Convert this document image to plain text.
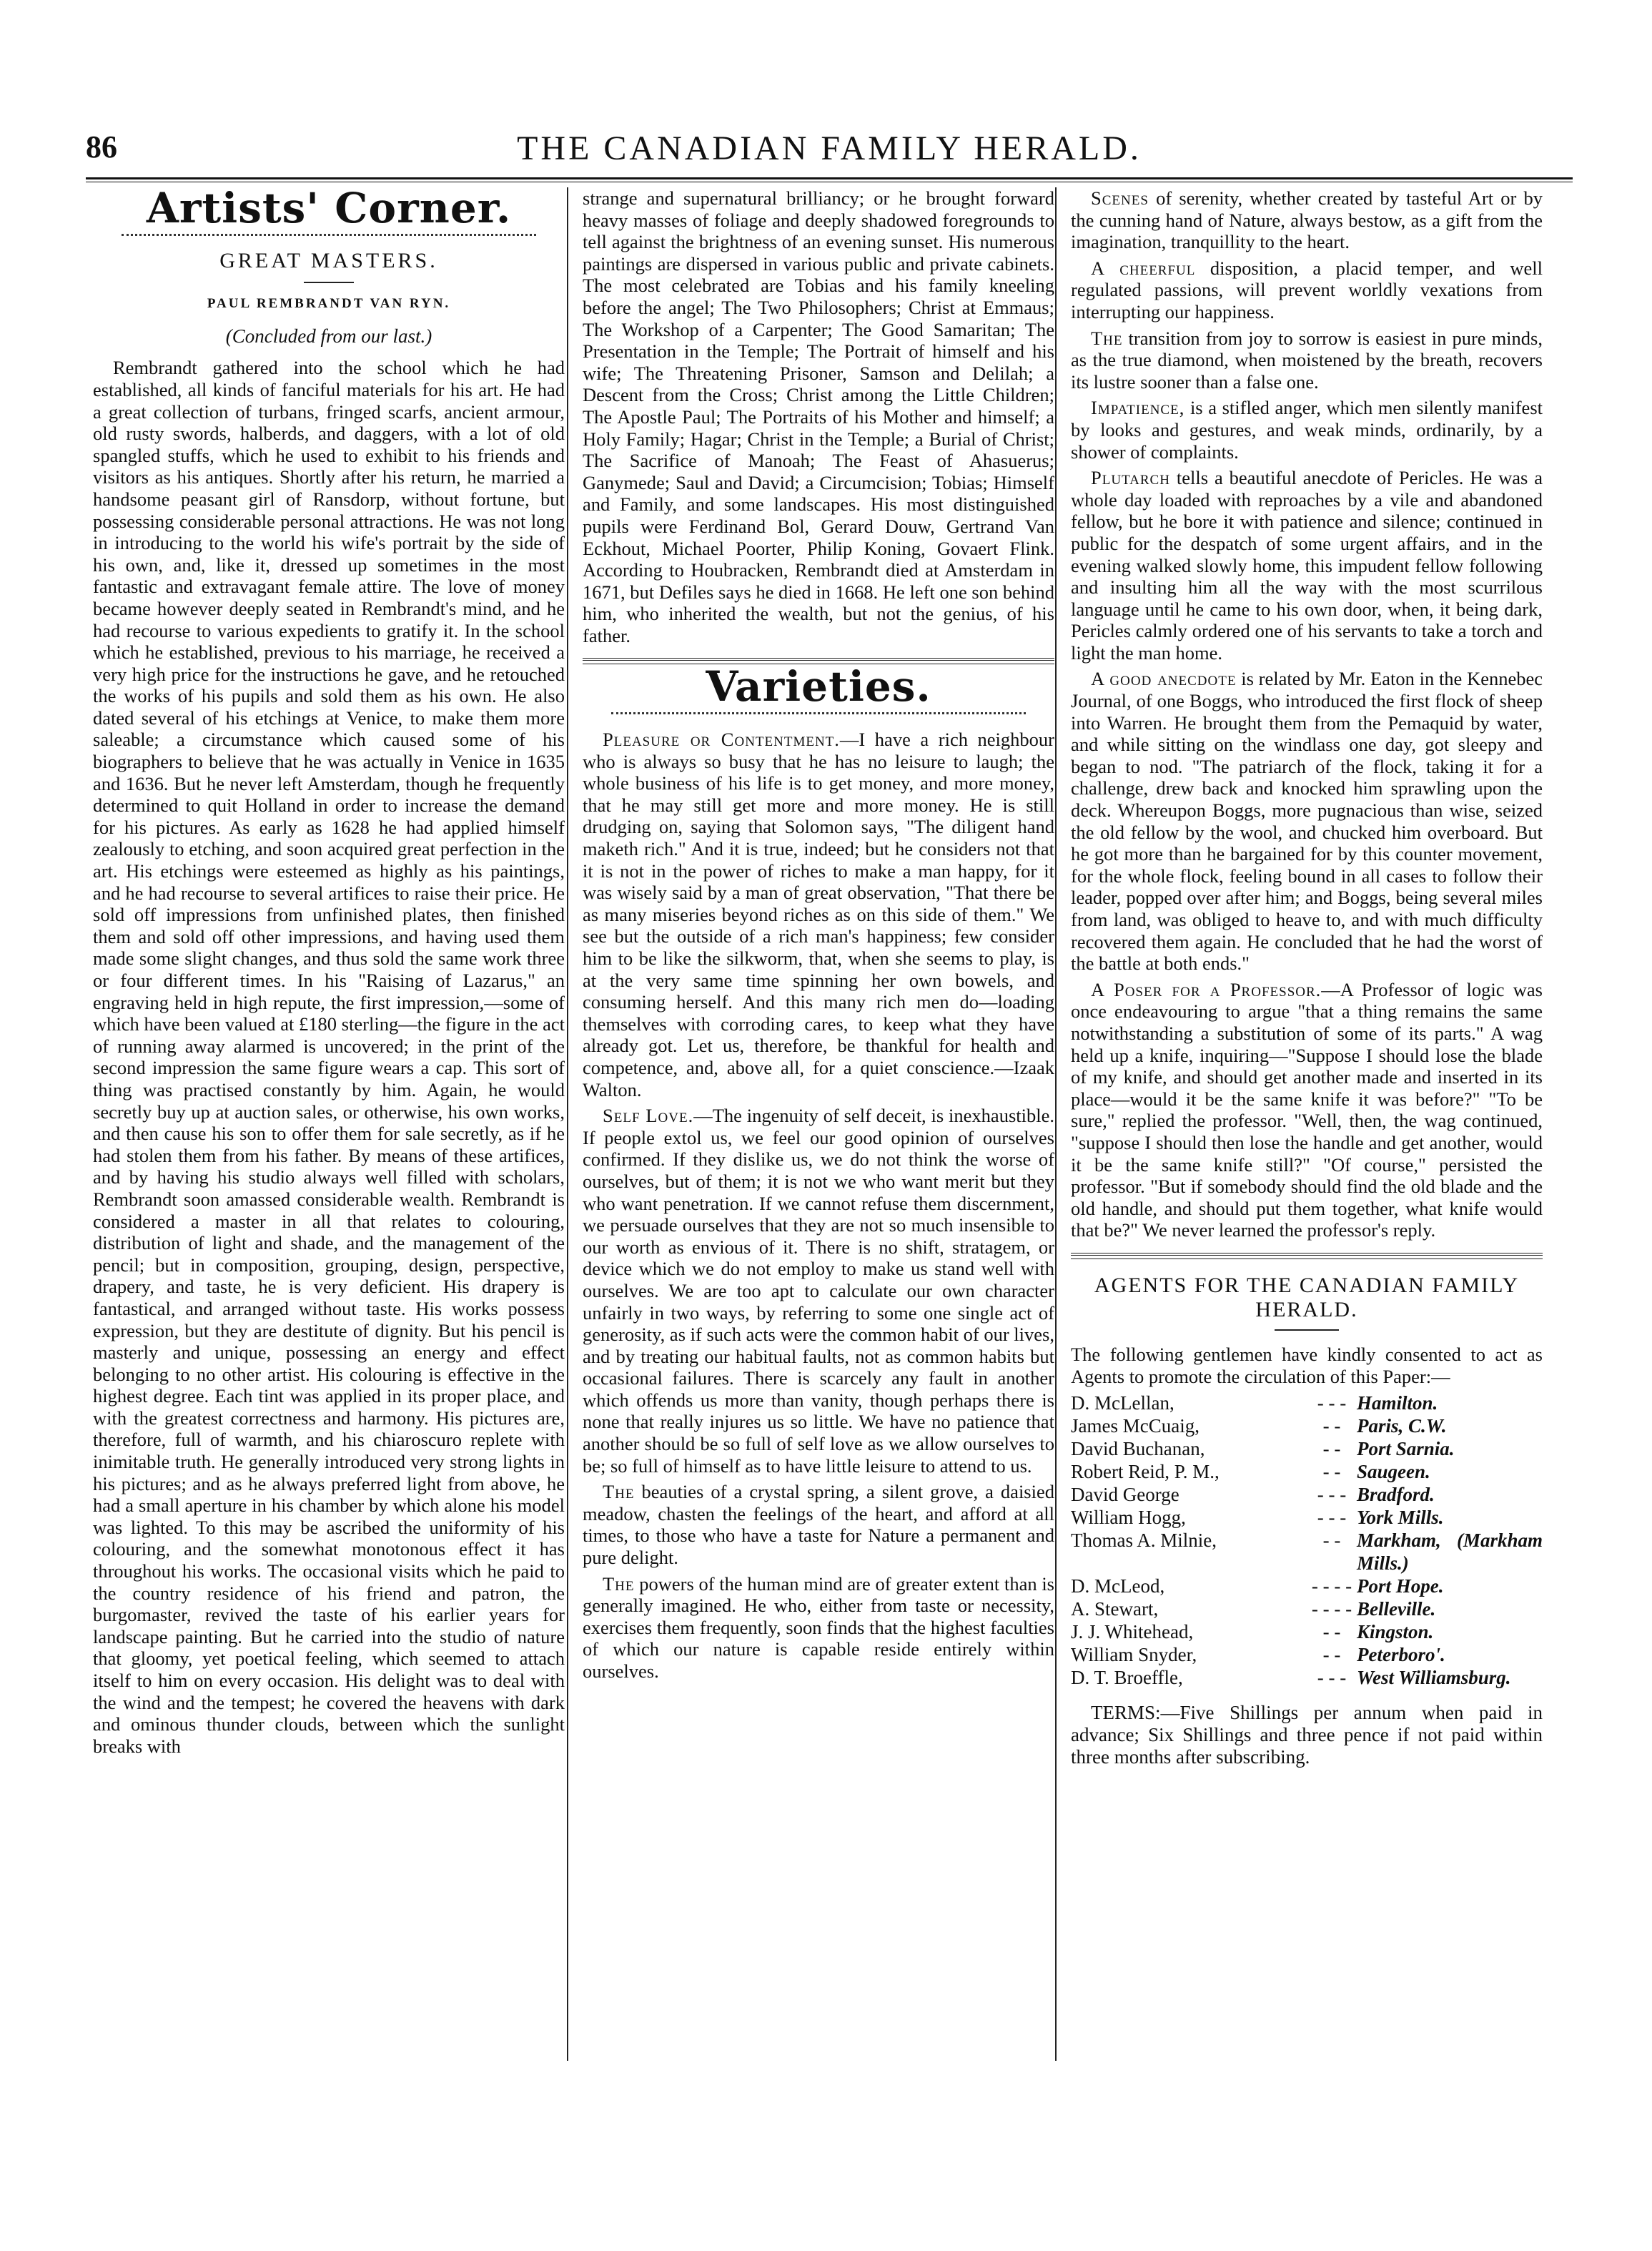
86	THE CANADIAN FAMILY HERALD.
Artists' Corner.
GREAT MASTERS.
PAUL REMBRANDT VAN RYN.
(Concluded from our last.)

Rembrandt gathered into the school which he had established, all kinds of fanciful materials for his art. He had a great collection of turbans, fringed scarfs, ancient armour, old rusty swords, halberds, and daggers, with a lot of old spangled stuffs, which he used to exhibit to his friends and visitors as his antiques. Shortly after his return, he married a handsome peasant girl of Ransdorp, without fortune, but possessing considerable personal attractions. He was not long in introducing to the world his wife's portrait by the side of his own, and, like it, dressed up sometimes in the most fantastic and extravagant female attire. The love of money became however deeply seated in Rembrandt's mind, and he had recourse to various expedients to gratify it. In the school which he established, previous to his marriage, he received a very high price for the instructions he gave, and he retouched the works of his pupils and sold them as his own. He also dated several of his etchings at Venice, to make them more saleable; a circumstance which caused some of his biographers to believe that he was actually in Venice in 1635 and 1636. But he never left Amsterdam, though he frequently determined to quit Holland in order to increase the demand for his pictures. As early as 1628 he had applied himself zealously to etching, and soon acquired great perfection in the art. His etchings were esteemed as highly as his paintings, and he had recourse to several artifices to raise their price. He sold off impressions from unfinished plates, then finished them and sold off other impressions, and having used them made some slight changes, and thus sold the same work three or four different times. In his "Raising of Lazarus," an engraving held in high repute, the first impression,—some of which have been valued at £180 sterling—the figure in the act of running away alarmed is uncovered; in the print of the second impression the same figure wears a cap. This sort of thing was practised constantly by him. Again, he would secretly buy up at auction sales, or otherwise, his own works, and then cause his son to offer them for sale secretly, as if he had stolen them from his father. By means of these artifices, and by having his studio always well filled with scholars, Rembrandt soon amassed considerable wealth. Rembrandt is considered a master in all that relates to colouring, distribution of light and shade, and the management of the pencil; but in composition, grouping, design, perspective, drapery, and taste, he is very deficient. His drapery is fantastical, and arranged without taste. His works possess expression, but they are destitute of dignity. But his pencil is masterly and unique, possessing an energy and effect belonging to no other artist. His colouring is effective in the highest degree. Each tint was applied in its proper place, and with the greatest correctness and harmony. His pictures are, therefore, full of warmth, and his chiaroscuro replete with inimitable truth. He generally introduced very strong lights in his pictures; and as he always preferred light from above, he had a small aperture in his chamber by which alone his model was lighted. To this may be ascribed the uniformity of his colouring, and the somewhat monotonous effect it has throughout his works. The occasional visits which he paid to the country residence of his friend and patron, the burgomaster, revived the taste of his earlier years for landscape painting. But he carried into the studio of nature that gloomy, yet poetical feeling, which seemed to attach itself to him on every occasion. His delight was to deal with the wind and the tempest; he covered the heavens with dark and ominous thunder clouds, between which the sunlight breaks with

strange and supernatural brilliancy; or he brought forward heavy masses of foliage and deeply shadowed foregrounds to tell against the brightness of an evening sunset. His numerous paintings are dispersed in various public and private cabinets. The most celebrated are Tobias and his family kneeling before the angel; The Two Philosophers; Christ at Emmaus; The Workshop of a Carpenter; The Good Samaritan; The Presentation in the Temple; The Portrait of himself and his wife; The Threatening Prisoner, Samson and Delilah; a Descent from the Cross; Christ among the Little Children; The Apostle Paul; The Portraits of his Mother and himself; a Holy Family; Hagar; Christ in the Temple; a Burial of Christ; The Sacrifice of Manoah; The Feast of Ahasuerus; Ganymede; Saul and David; a Circumcision; Tobias; Himself and Family, and some landscapes. His most distinguished pupils were Ferdinand Bol, Gerard Douw, Gertrand Van Eckhout, Michael Poorter, Philip Koning, Govaert Flink. According to Houbracken, Rembrandt died at Amsterdam in 1671, but Defiles says he died in 1668. He left one son behind him, who inherited the wealth, but not the genius, of his father.

Varieties.

Pleasure or Contentment.—I have a rich neighbour who is always so busy that he has no leisure to laugh; the whole business of his life is to get money, and more money, that he may still get more and more money. He is still drudging on, saying that Solomon says, "The diligent hand maketh rich." And it is true, indeed; but he considers not that it is not in the power of riches to make a man happy, for it was wisely said by a man of great observation, "That there be as many miseries beyond riches as on this side of them." We see but the outside of a rich man's happiness; few consider him to be like the silkworm, that, when she seems to play, is at the very same time spinning her own bowels, and consuming herself. And this many rich men do—loading themselves with corroding cares, to keep what they have already got. Let us, therefore, be thankful for health and competence, and, above all, for a quiet conscience.—Izaak Walton.

Self Love.—The ingenuity of self deceit, is inexhaustible. If people extol us, we feel our good opinion of ourselves confirmed. If they dislike us, we do not think the worse of ourselves, but of them; it is not we who want merit but they who want penetration. If we cannot refuse them discernment, we persuade ourselves that they are not so much insensible to our worth as envious of it. There is no shift, stratagem, or device which we do not employ to make us stand well with ourselves. We are too apt to calculate our own character unfairly in two ways, by referring to some one single act of generosity, as if such acts were the common habit of our lives, and by treating our habitual faults, not as common habits but occasional failures. There is scarcely any fault in another which offends us more than vanity, though perhaps there is none that really injures us so little. We have no patience that another should be so full of self love as we allow ourselves to be; so full of himself as to have little leisure to attend to us.

The beauties of a crystal spring, a silent grove, a daisied meadow, chasten the feelings of the heart, and afford at all times, to those who have a taste for Nature a permanent and pure delight.

The powers of the human mind are of greater extent than is generally imagined. He who, either from taste or necessity, exercises them frequently, soon finds that the highest faculties of which our nature is capable reside entirely within ourselves.

Scenes of serenity, whether created by tasteful Art or by the cunning hand of Nature, always bestow, as a gift from the imagination, tranquillity to the heart.

A cheerful disposition, a placid temper, and well regulated passions, will prevent worldly vexations from interrupting our happiness.

The transition from joy to sorrow is easiest in pure minds, as the true diamond, when moistened by the breath, recovers its lustre sooner than a false one.

Impatience, is a stifled anger, which men silently manifest by looks and gestures, and weak minds, ordinarily, by a shower of complaints.

Plutarch tells a beautiful anecdote of Pericles. He was a whole day loaded with reproaches by a vile and abandoned fellow, but he bore it with patience and silence; continued in public for the despatch of some urgent affairs, and in the evening walked slowly home, this impudent fellow following and insulting him all the way with the most scurrilous language until he came to his own door, when, it being dark, Pericles calmly ordered one of his servants to take a torch and light the man home.

A good anecdote is related by Mr. Eaton in the Kennebec Journal, of one Boggs, who introduced the first flock of sheep into Warren. He brought them from the Pemaquid by water, and while sitting on the windlass one day, got sleepy and began to nod. "The patriarch of the flock, taking it for a challenge, drew back and knocked him sprawling upon the deck. Whereupon Boggs, more pugnacious than wise, seized the old fellow by the wool, and chucked him overboard. But he got more than he bargained for by this counter movement, for the whole flock, feeling bound in all cases to follow their leader, popped over after him; and Boggs, being several miles from land, was obliged to heave to, and with much difficulty recovered them again. He concluded that he had the worst of the battle at both ends."

A Poser for a Professor.—A Professor of logic was once endeavouring to argue "that a thing remains the same notwithstanding a substitution of some of its parts." A wag held up a knife, inquiring—"Suppose I should lose the blade of my knife, and should get another made and inserted in its place—would it be the same knife it was before?" "To be sure," replied the professor. "Well, then, the wag continued, "suppose I should then lose the handle and get another, would it be the same knife still?" "Of course," persisted the professor. "But if somebody should find the old blade and the old handle, and should put them together, what knife would that be?" We never learned the professor's reply.

AGENTS FOR THE CANADIAN FAMILY
HERALD.

The following gentlemen have kindly consented to act as Agents to promote the circulation of this Paper:—

D. McLellan,	- - - Hamilton.
James McCuaig,	- - Paris, C.W.
David Buchanan,	- - Port Sarnia.
Robert Reid, P. M.,	- - Saugeen.
David George	- - - Bradford.
William Hogg,	- - - York Mills.
Thomas A. Milnie,	- - Markham, (Markham Mills.)
D. McLeod,	- - - - Port Hope.
A. Stewart,	- - - - Belleville.
J. J. Whitehead,	- - Kingston.
William Snyder,	- - Peterboro'.
D. T. Broeffle,	- - - West Williamsburg.
TERMS:—Five Shillings per annum when paid in advance; Six Shillings and three pence if not paid within three months after subscribing.
